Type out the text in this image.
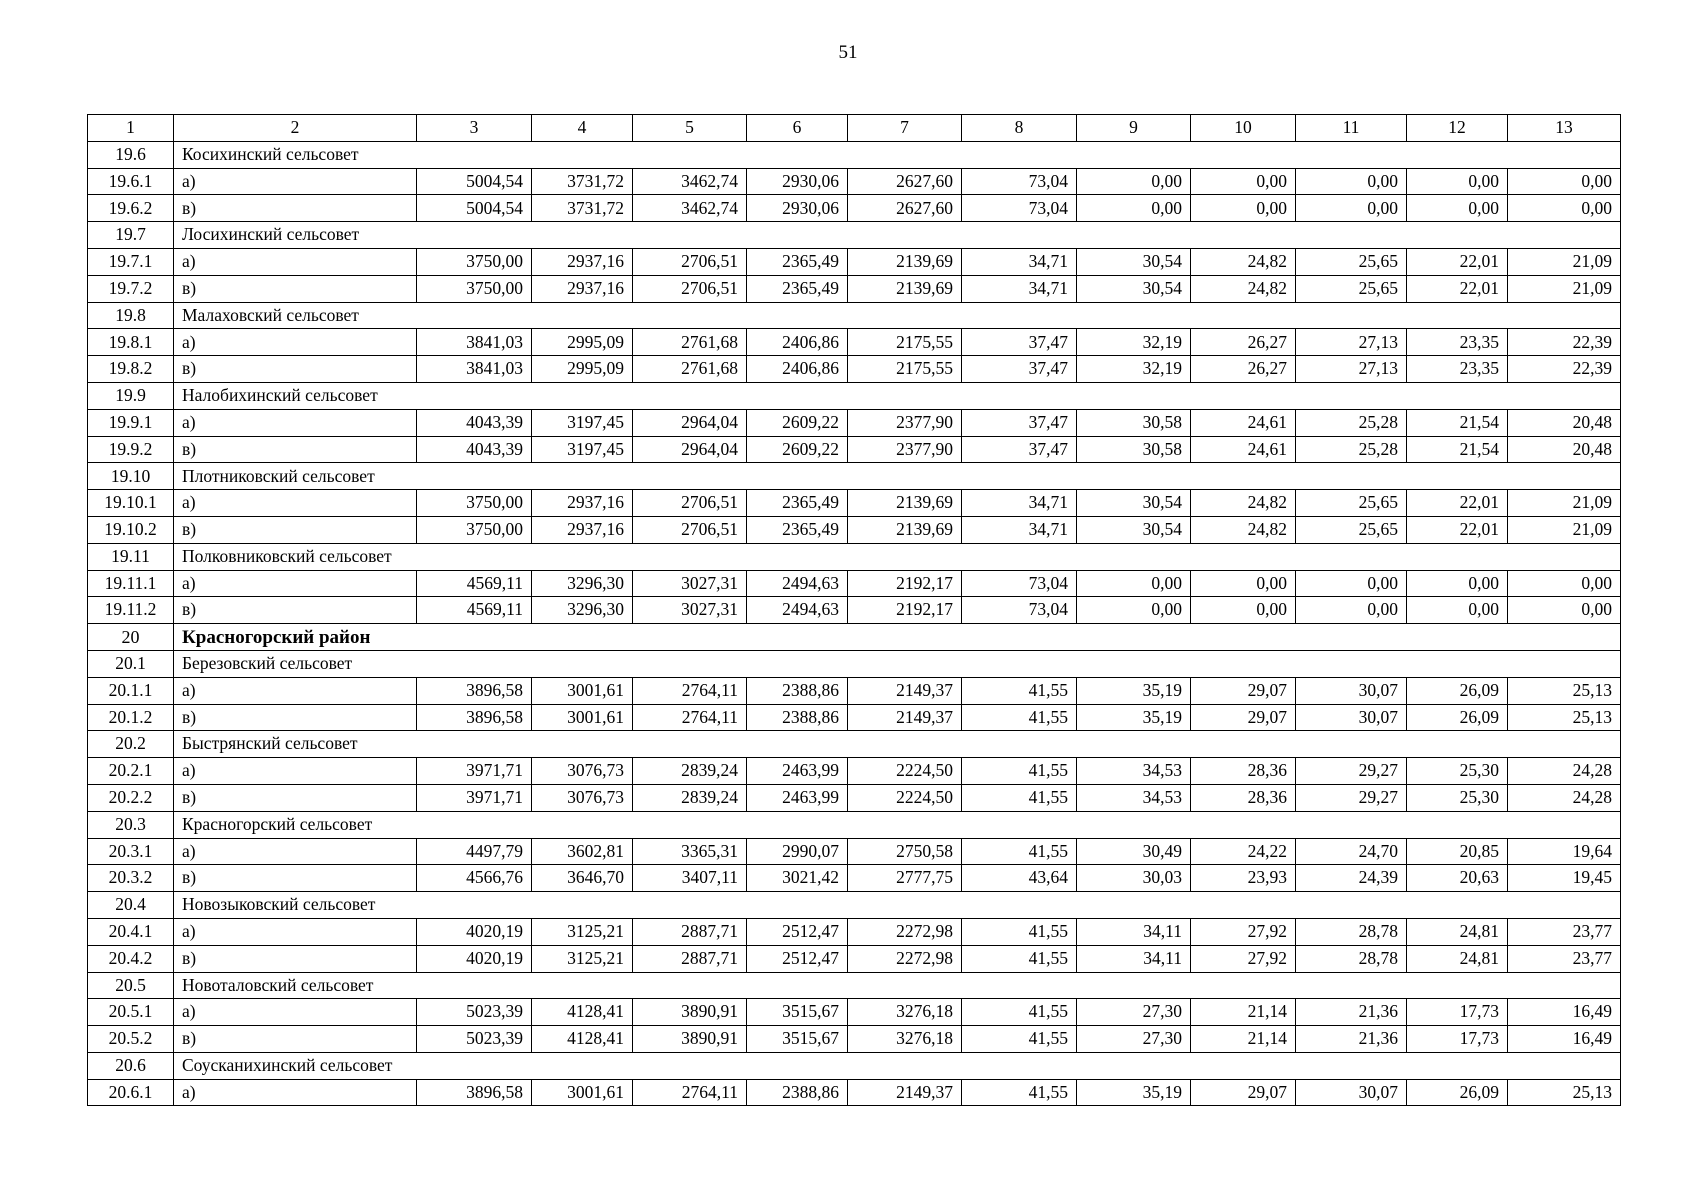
51
1	2	3	4	5	6	7	8	9	10	11	12	13
19.6	Косихинский сельсовет											
19.6.1	а)	5004,54	3731,72	3462,74	2930,06	2627,60	73,04	0,00	0,00	0,00	0,00	0,00
19.6.2	в)	5004,54	3731,72	3462,74	2930,06	2627,60	73,04	0,00	0,00	0,00	0,00	0,00
19.7	Лосихинский сельсовет											
19.7.1	а)	3750,00	2937,16	2706,51	2365,49	2139,69	34,71	30,54	24,82	25,65	22,01	21,09
19.7.2	в)	3750,00	2937,16	2706,51	2365,49	2139,69	34,71	30,54	24,82	25,65	22,01	21,09
19.8	Малаховский сельсовет											
19.8.1	а)	3841,03	2995,09	2761,68	2406,86	2175,55	37,47	32,19	26,27	27,13	23,35	22,39
19.8.2	в)	3841,03	2995,09	2761,68	2406,86	2175,55	37,47	32,19	26,27	27,13	23,35	22,39
19.9	Налобихинский сельсовет											
19.9.1	а)	4043,39	3197,45	2964,04	2609,22	2377,90	37,47	30,58	24,61	25,28	21,54	20,48
19.9.2	в)	4043,39	3197,45	2964,04	2609,22	2377,90	37,47	30,58	24,61	25,28	21,54	20,48
19.10	Плотниковский сельсовет											
19.10.1	а)	3750,00	2937,16	2706,51	2365,49	2139,69	34,71	30,54	24,82	25,65	22,01	21,09
19.10.2	в)	3750,00	2937,16	2706,51	2365,49	2139,69	34,71	30,54	24,82	25,65	22,01	21,09
19.11	Полковниковский сельсовет											
19.11.1	а)	4569,11	3296,30	3027,31	2494,63	2192,17	73,04	0,00	0,00	0,00	0,00	0,00
19.11.2	в)	4569,11	3296,30	3027,31	2494,63	2192,17	73,04	0,00	0,00	0,00	0,00	0,00
20	Красногорский район											
20.1	Березовский сельсовет											
20.1.1	а)	3896,58	3001,61	2764,11	2388,86	2149,37	41,55	35,19	29,07	30,07	26,09	25,13
20.1.2	в)	3896,58	3001,61	2764,11	2388,86	2149,37	41,55	35,19	29,07	30,07	26,09	25,13
20.2	Быстрянский сельсовет											
20.2.1	а)	3971,71	3076,73	2839,24	2463,99	2224,50	41,55	34,53	28,36	29,27	25,30	24,28
20.2.2	в)	3971,71	3076,73	2839,24	2463,99	2224,50	41,55	34,53	28,36	29,27	25,30	24,28
20.3	Красногорский сельсовет											
20.3.1	а)	4497,79	3602,81	3365,31	2990,07	2750,58	41,55	30,49	24,22	24,70	20,85	19,64
20.3.2	в)	4566,76	3646,70	3407,11	3021,42	2777,75	43,64	30,03	23,93	24,39	20,63	19,45
20.4	Новозыковский сельсовет											
20.4.1	а)	4020,19	3125,21	2887,71	2512,47	2272,98	41,55	34,11	27,92	28,78	24,81	23,77
20.4.2	в)	4020,19	3125,21	2887,71	2512,47	2272,98	41,55	34,11	27,92	28,78	24,81	23,77
20.5	Новоталовский сельсовет											
20.5.1	а)	5023,39	4128,41	3890,91	3515,67	3276,18	41,55	27,30	21,14	21,36	17,73	16,49
20.5.2	в)	5023,39	4128,41	3890,91	3515,67	3276,18	41,55	27,30	21,14	21,36	17,73	16,49
20.6	Соусканихинский сельсовет											
20.6.1	а)	3896,58	3001,61	2764,11	2388,86	2149,37	41,55	35,19	29,07	30,07	26,09	25,13
